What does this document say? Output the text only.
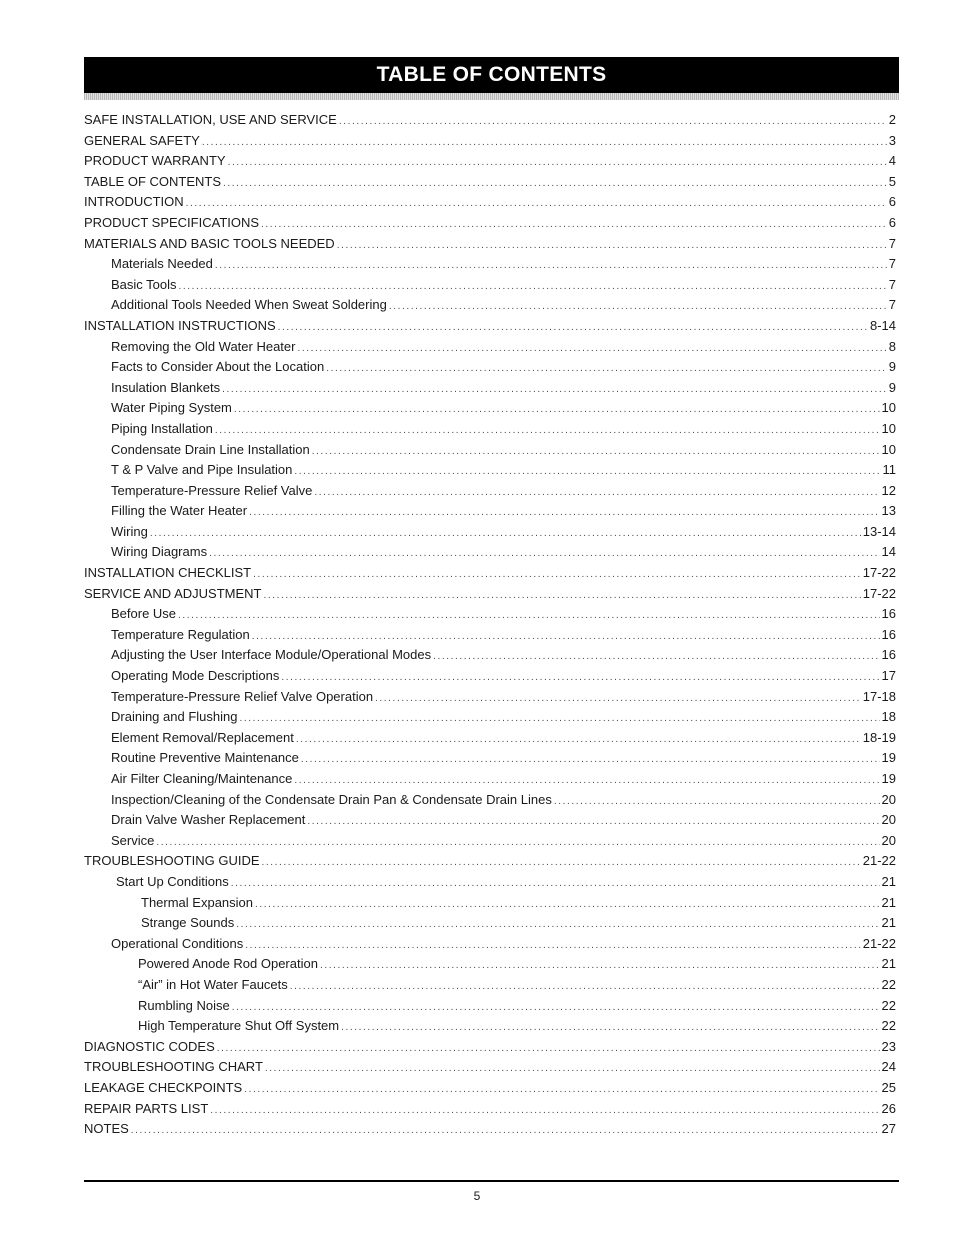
TABLE OF CONTENTS
SAFE INSTALLATION, USE AND SERVICE .....	2
GENERAL SAFETY .....	3
PRODUCT WARRANTY .....	4
TABLE OF CONTENTS .....	5
INTRODUCTION .....	6
PRODUCT SPECIFICATIONS .....	6
MATERIALS AND BASIC TOOLS NEEDED .....	7
Materials Needed .....	7
Basic Tools .....	7
Additional Tools Needed When Sweat Soldering .....	7
INSTALLATION INSTRUCTIONS .....	8-14
Removing the Old Water Heater .....	8
Facts to Consider About the Location .....	9
Insulation Blankets .....	9
Water Piping System .....	10
Piping Installation .....	10
Condensate Drain Line Installation .....	10
T & P Valve and Pipe Insulation .....	11
Temperature-Pressure Relief Valve .....	12
Filling the Water Heater .....	13
Wiring .....	13-14
Wiring Diagrams .....	14
INSTALLATION CHECKLIST .....	17-22
SERVICE AND ADJUSTMENT .....	17-22
Before Use .....	16
Temperature Regulation .....	16
Adjusting the User Interface Module/Operational Modes .....	16
Operating Mode Descriptions .....	17
Temperature-Pressure Relief Valve Operation .....	17-18
Draining and Flushing .....	18
Element Removal/Replacement .....	18-19
Routine Preventive Maintenance .....	19
Air Filter Cleaning/Maintenance .....	19
Inspection/Cleaning of the Condensate Drain Pan & Condensate Drain Lines .....	20
Drain Valve Washer Replacement .....	20
Service .....	20
TROUBLESHOOTING GUIDE .....	21-22
Start Up Conditions .....	21
Thermal Expansion .....	21
Strange Sounds .....	21
Operational Conditions .....	21-22
Powered Anode Rod Operation .....	21
“Air” in Hot Water Faucets .....	22
Rumbling Noise .....	22
High Temperature Shut Off System .....	22
DIAGNOSTIC CODES .....	23
TROUBLESHOOTING CHART .....	24
LEAKAGE CHECKPOINTS .....	25
REPAIR PARTS LIST .....	26
NOTES .....	27
5
